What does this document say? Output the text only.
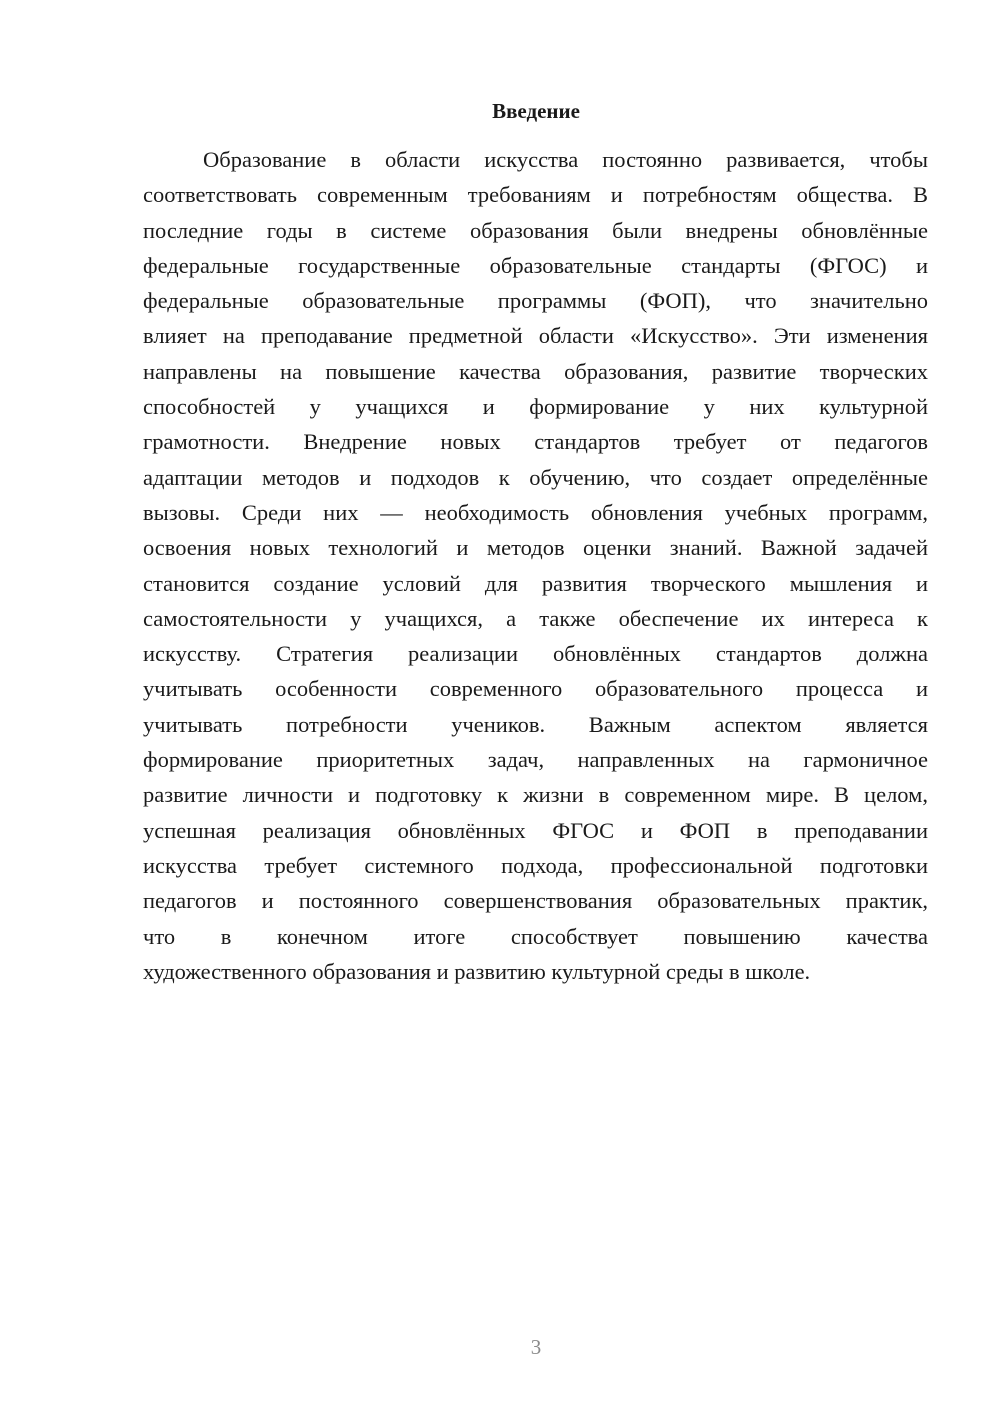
Введение
Образование в области искусства постоянно развивается, чтобы
соответствовать современным требованиям и потребностям общества. В
последние годы в системе образования были внедрены обновлённые
федеральные государственные образовательные стандарты (ФГОС) и
федеральные образовательные программы (ФОП), что значительно
влияет на преподавание предметной области «Искусство». Эти изменения
направлены на повышение качества образования, развитие творческих
способностей у учащихся и формирование у них культурной
грамотности. Внедрение новых стандартов требует от педагогов
адаптации методов и подходов к обучению, что создает определённые
вызовы. Среди них — необходимость обновления учебных программ,
освоения новых технологий и методов оценки знаний. Важной задачей
становится создание условий для развития творческого мышления и
самостоятельности у учащихся, а также обеспечение их интереса к
искусству. Стратегия реализации обновлённых стандартов должна
учитывать особенности современного образовательного процесса и
учитывать потребности учеников. Важным аспектом является
формирование приоритетных задач, направленных на гармоничное
развитие личности и подготовку к жизни в современном мире. В целом,
успешная реализация обновлённых ФГОС и ФОП в преподавании
искусства требует системного подхода, профессиональной подготовки
педагогов и постоянного совершенствования образовательных практик,
что в конечном итоге способствует повышению качества
художественного образования и развитию культурной среды в школе.
3
